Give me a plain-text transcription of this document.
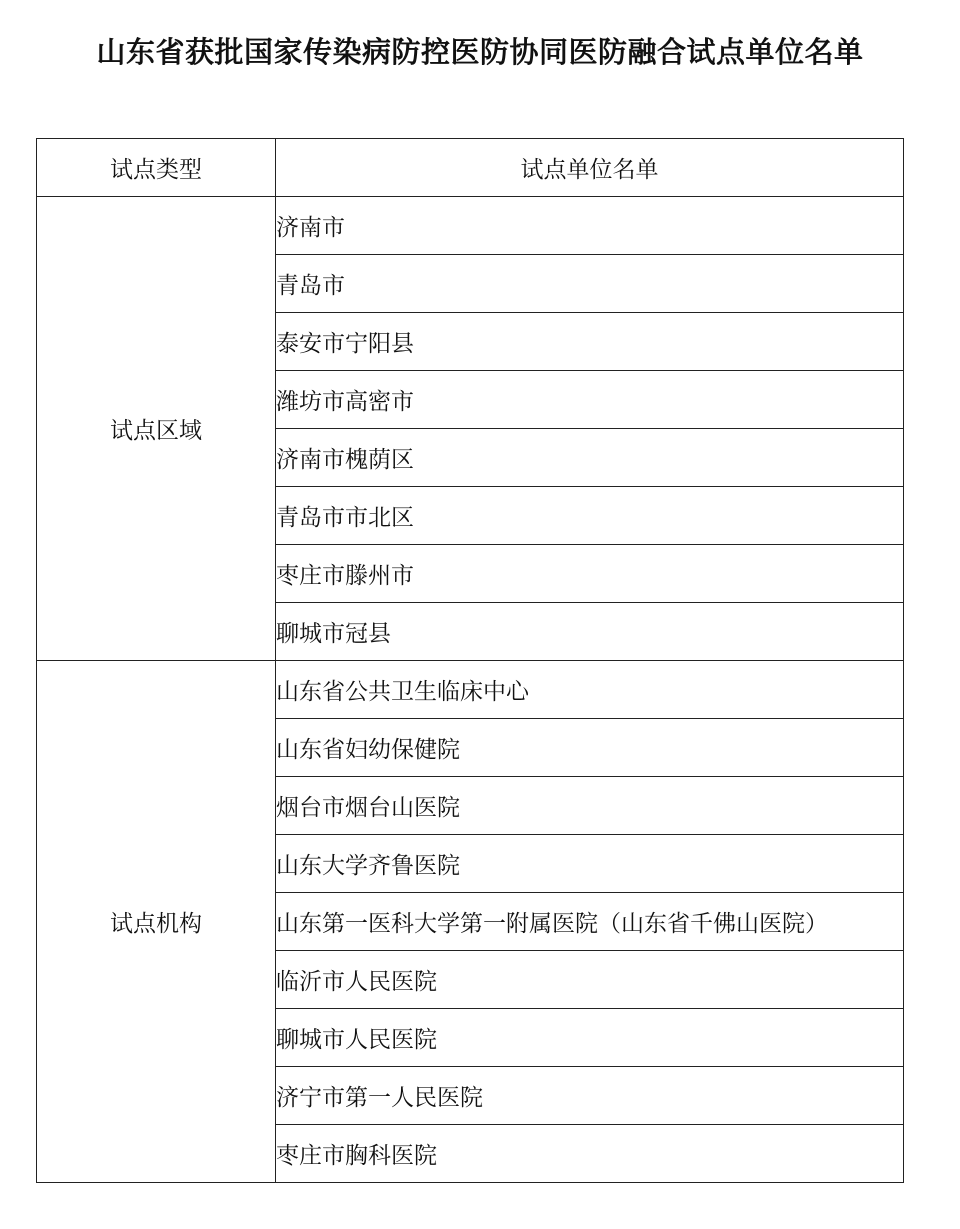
山东省获批国家传染病防控医防协同医防融合试点单位名单
试点类型	试点单位名单
试点区域	济南市
	青岛市
	泰安市宁阳县
	潍坊市高密市
	济南市槐荫区
	青岛市市北区
	枣庄市滕州市
	聊城市冠县
试点机构	山东省公共卫生临床中心
	山东省妇幼保健院
	烟台市烟台山医院
	山东大学齐鲁医院
	山东第一医科大学第一附属医院（山东省千佛山医院）
	临沂市人民医院
	聊城市人民医院
	济宁市第一人民医院
	枣庄市胸科医院
